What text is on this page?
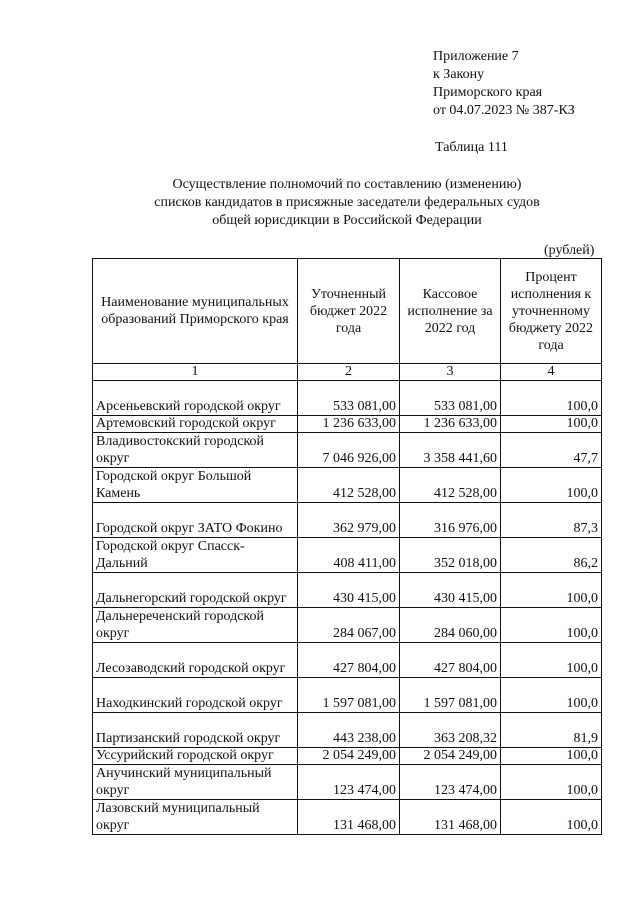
Приложение 7
к Закону
Приморского края
от 04.07.2023 № 387-КЗ
Таблица 111
Осуществление полномочий по составлению (изменению)
списков кандидатов в присяжные заседатели федеральных судов
общей юрисдикции в Российской Федерации
(рублей)
Наименование муниципальных образований Приморского края	Уточненный бюджет 2022 года	Кассовое исполнение за 2022 год	Процент исполнения к уточненному бюджету 2022 года
1	2	3	4
Арсеньевский городской округ	533 081,00	533 081,00	100,0
Артемовский городской округ	1 236 633,00	1 236 633,00	100,0
Владивостокский городской округ	7 046 926,00	3 358 441,60	47,7
Городской округ Большой Камень	412 528,00	412 528,00	100,0
Городской округ ЗАТО Фокино	362 979,00	316 976,00	87,3
Городской округ Спасск-Дальний	408 411,00	352 018,00	86,2
Дальнегорский городской округ	430 415,00	430 415,00	100,0
Дальнереченский городской округ	284 067,00	284 060,00	100,0
Лесозаводский городской округ	427 804,00	427 804,00	100,0
Находкинский городской округ	1 597 081,00	1 597 081,00	100,0
Партизанский городской округ	443 238,00	363 208,32	81,9
Уссурийский городской округ	2 054 249,00	2 054 249,00	100,0
Анучинский муниципальный округ	123 474,00	123 474,00	100,0
Лазовский муниципальный округ	131 468,00	131 468,00	100,0
